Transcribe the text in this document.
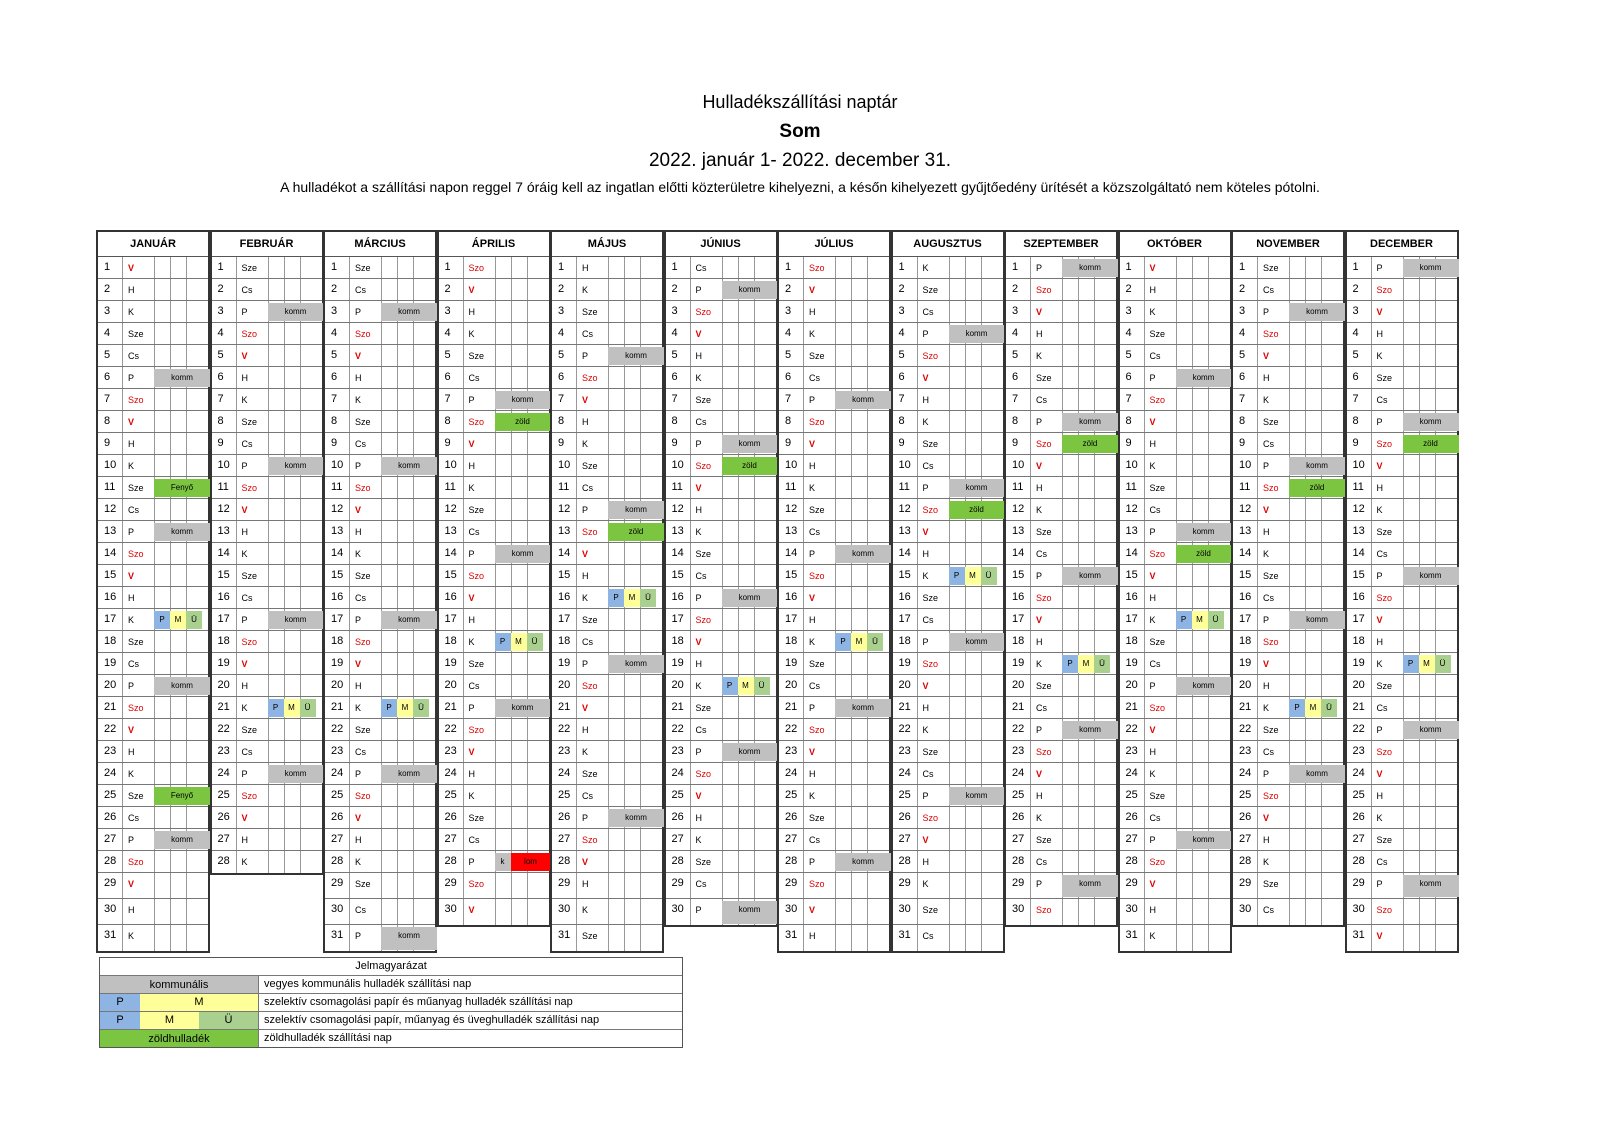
Hulladékszállítási naptár
Som
2022. január 1- 2022. december 31.
A hulladékot a szállítási napon reggel 7 óráig kell az ingatlan előtti közterületre kihelyezni, a későn kihelyezett gyűjtőedény ürítését a közszolgáltató nem köteles pótolni.
JANUÁR
1 V
2 H
3 K
4 Sze
5 Cs
6 P	komm
7 Szo
8 V
9 H
10 K
11 Sze	Fenyő
12 Cs
13 P	komm
14 Szo
15 V
16 H
17 K	P	M	Ü
18 Sze
19 Cs
20 P	komm
21 Szo
22 V
23 H
24 K
25 Sze	Fenyő
26 Cs
27 P	komm
28 Szo
29 V
30 H
31 K
FEBRUÁR
1 Sze
2 Cs
3 P	komm
4 Szo
5 V
6 H
7 K
8 Sze
9 Cs
10 P	komm
11 Szo
12 V
13 H
14 K
15 Sze
16 Cs
17 P	komm
18 Szo
19 V
20 H
21 K	P	M	Ü
22 Sze
23 Cs
24 P	komm
25 Szo
26 V
27 H
28 K
MÁRCIUS
1 Sze
2 Cs
3 P	komm
4 Szo
5 V
6 H
7 K
8 Sze
9 Cs
10 P	komm
11 Szo
12 V
13 H
14 K
15 Sze
16 Cs
17 P	komm
18 Szo
19 V
20 H
21 K	P	M	Ü
22 Sze
23 Cs
24 P	komm
25 Szo
26 V
27 H
28 K
29 Sze
30 Cs
31 P	komm
ÁPRILIS
1 Szo
2 V
3 H
4 K
5 Sze
6 Cs
7 P	komm
8 Szo	zöld
9 V
10 H
11 K
12 Sze
13 Cs
14 P	komm
15 Szo
16 V
17 H
18 K	P	M	Ü
19 Sze
20 Cs
21 P	komm
22 Szo
23 V
24 H
25 K
26 Sze
27 Cs
28 P	k	lom
29 Szo
30 V
MÁJUS
1 H
2 K
3 Sze
4 Cs
5 P	komm
6 Szo
7 V
8 H
9 K
10 Sze
11 Cs
12 P	komm
13 Szo	zöld
14 V
15 H
16 K	P	M	Ü
17 Sze
18 Cs
19 P	komm
20 Szo
21 V
22 H
23 K
24 Sze
25 Cs
26 P	komm
27 Szo
28 V
29 H
30 K
31 Sze
JÚNIUS
1 Cs
2 P	komm
3 Szo
4 V
5 H
6 K
7 Sze
8 Cs
9 P	komm
10 Szo	zöld
11 V
12 H
13 K
14 Sze
15 Cs
16 P	komm
17 Szo
18 V
19 H
20 K	P	M	Ü
21 Sze
22 Cs
23 P	komm
24 Szo
25 V
26 H
27 K
28 Sze
29 Cs
30 P	komm
JÚLIUS
1 Szo
2 V
3 H
4 K
5 Sze
6 Cs
7 P	komm
8 Szo
9 V
10 H
11 K
12 Sze
13 Cs
14 P	komm
15 Szo
16 V
17 H
18 K	P	M	Ü
19 Sze
20 Cs
21 P	komm
22 Szo
23 V
24 H
25 K
26 Sze
27 Cs
28 P	komm
29 Szo
30 V
31 H
AUGUSZTUS
1 K
2 Sze
3 Cs
4 P	komm
5 Szo
6 V
7 H
8 K
9 Sze
10 Cs
11 P	komm
12 Szo	zöld
13 V
14 H
15 K	P	M	Ü
16 Sze
17 Cs
18 P	komm
19 Szo
20 V
21 H
22 K
23 Sze
24 Cs
25 P	komm
26 Szo
27 V
28 H
29 K
30 Sze
31 Cs
SZEPTEMBER
1 P	komm
2 Szo
3 V
4 H
5 K
6 Sze
7 Cs
8 P	komm
9 Szo	zöld
10 V
11 H
12 K
13 Sze
14 Cs
15 P	komm
16 Szo
17 V
18 H
19 K	P	M	Ü
20 Sze
21 Cs
22 P	komm
23 Szo
24 V
25 H
26 K
27 Sze
28 Cs
29 P	komm
30 Szo
OKTÓBER
1 V
2 H
3 K
4 Sze
5 Cs
6 P	komm
7 Szo
8 V
9 H
10 K
11 Sze
12 Cs
13 P	komm
14 Szo	zöld
15 V
16 H
17 K	P	M	Ü
18 Sze
19 Cs
20 P	komm
21 Szo
22 V
23 H
24 K
25 Sze
26 Cs
27 P	komm
28 Szo
29 V
30 H
31 K
NOVEMBER
1 Sze
2 Cs
3 P	komm
4 Szo
5 V
6 H
7 K
8 Sze
9 Cs
10 P	komm
11 Szo	zöld
12 V
13 H
14 K
15 Sze
16 Cs
17 P	komm
18 Szo
19 V
20 H
21 K	P	M	Ü
22 Sze
23 Cs
24 P	komm
25 Szo
26 V
27 H
28 K
29 Sze
30 Cs
DECEMBER
1 P	komm
2 Szo
3 V
4 H
5 K
6 Sze
7 Cs
8 P	komm
9 Szo	zöld
10 V
11 H
12 K
13 Sze
14 Cs
15 P	komm
16 Szo
17 V
18 H
19 K	P	M	Ü
20 Sze
21 Cs
22 P	komm
23 Szo
24 V
25 H
26 K
27 Sze
28 Cs
29 P	komm
30 Szo
31 V
Jelmagyarázat
kommunális	vegyes kommunális hulladék szállítási nap
P	M	szelektív csomagolási papír és műanyag hulladék szállítási nap
P	M	Ü	szelektív csomagolási papír, műanyag és üveghulladék szállítási nap
zöldhulladék	zöldhulladék szállítási nap
